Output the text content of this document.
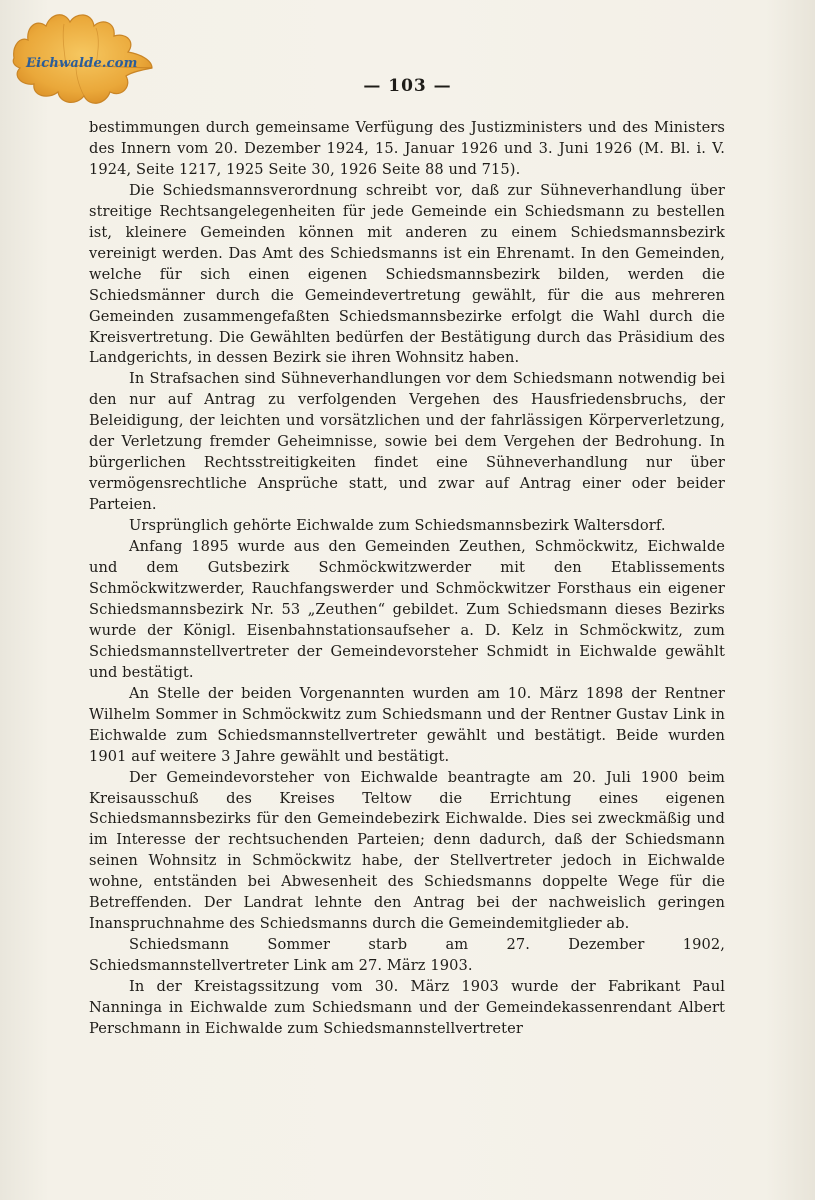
Eichwalde.com
— 103 —

bestimmungen durch gemeinsame Verfügung des Justizministers und des Ministers des Innern vom 20. Dezember 1924, 15. Januar 1926 und 3. Juni 1926 (M. Bl. i. V. 1924, Seite 1217, 1925 Seite 30, 1926 Seite 88 und 715).

Die Schiedsmannsverordnung schreibt vor, daß zur Sühneverhandlung über streitige Rechtsangelegenheiten für jede Gemeinde ein Schiedsmann zu bestellen ist, kleinere Gemeinden können mit anderen zu einem Schiedsmannsbezirk vereinigt werden. Das Amt des Schiedsmanns ist ein Ehrenamt. In den Gemeinden, welche für sich einen eigenen Schiedsmannsbezirk bilden, werden die Schiedsmänner durch die Gemeindevertretung gewählt, für die aus mehreren Gemeinden zusammengefaßten Schiedsmannsbezirke erfolgt die Wahl durch die Kreisvertretung. Die Gewählten bedürfen der Bestätigung durch das Präsidium des Landgerichts, in dessen Bezirk sie ihren Wohnsitz haben.

In Strafsachen sind Sühneverhandlungen vor dem Schiedsmann notwendig bei den nur auf Antrag zu verfolgenden Vergehen des Hausfriedensbruchs, der Beleidigung, der leichten und vorsätzlichen und der fahrlässigen Körperverletzung, der Verletzung fremder Geheimnisse, sowie bei dem Vergehen der Bedrohung. In bürgerlichen Rechtsstreitigkeiten findet eine Sühneverhandlung nur über vermögensrechtliche Ansprüche statt, und zwar auf Antrag einer oder beider Parteien.

Ursprünglich gehörte Eichwalde zum Schiedsmannsbezirk Waltersdorf.

Anfang 1895 wurde aus den Gemeinden Zeuthen, Schmöckwitz, Eichwalde und dem Gutsbezirk Schmöckwitzwerder mit den Etablissements Schmöckwitzwerder, Rauchfangswerder und Schmöckwitzer Forsthaus ein eigener Schiedsmannsbezirk Nr. 53 „Zeuthen“ gebildet. Zum Schiedsmann dieses Bezirks wurde der Königl. Eisenbahnstationsaufseher a. D. Kelz in Schmöckwitz, zum Schiedsmannstellvertreter der Gemeindevorsteher Schmidt in Eichwalde gewählt und bestätigt.

An Stelle der beiden Vorgenannten wurden am 10. März 1898 der Rentner Wilhelm Sommer in Schmöckwitz zum Schiedsmann und der Rentner Gustav Link in Eichwalde zum Schiedsmannstellvertreter gewählt und bestätigt. Beide wurden 1901 auf weitere 3 Jahre gewählt und bestätigt.

Der Gemeindevorsteher von Eichwalde beantragte am 20. Juli 1900 beim Kreisausschuß des Kreises Teltow die Errichtung eines eigenen Schiedsmannsbezirks für den Gemeindebezirk Eichwalde. Dies sei zweckmäßig und im Interesse der rechtsuchenden Parteien; denn dadurch, daß der Schiedsmann seinen Wohnsitz in Schmöckwitz habe, der Stellvertreter jedoch in Eichwalde wohne, entständen bei Abwesenheit des Schiedsmanns doppelte Wege für die Betreffenden. Der Landrat lehnte den Antrag bei der nachweislich geringen Inanspruchnahme des Schiedsmanns durch die Gemeindemitglieder ab.

Schiedsmann Sommer starb am 27. Dezember 1902, Schiedsmannstellvertreter Link am 27. März 1903.

In der Kreistagssitzung vom 30. März 1903 wurde der Fabrikant Paul Nanninga in Eichwalde zum Schiedsmann und der Gemeindekassenrendant Albert Perschmann in Eichwalde zum Schiedsmannstellvertreter
